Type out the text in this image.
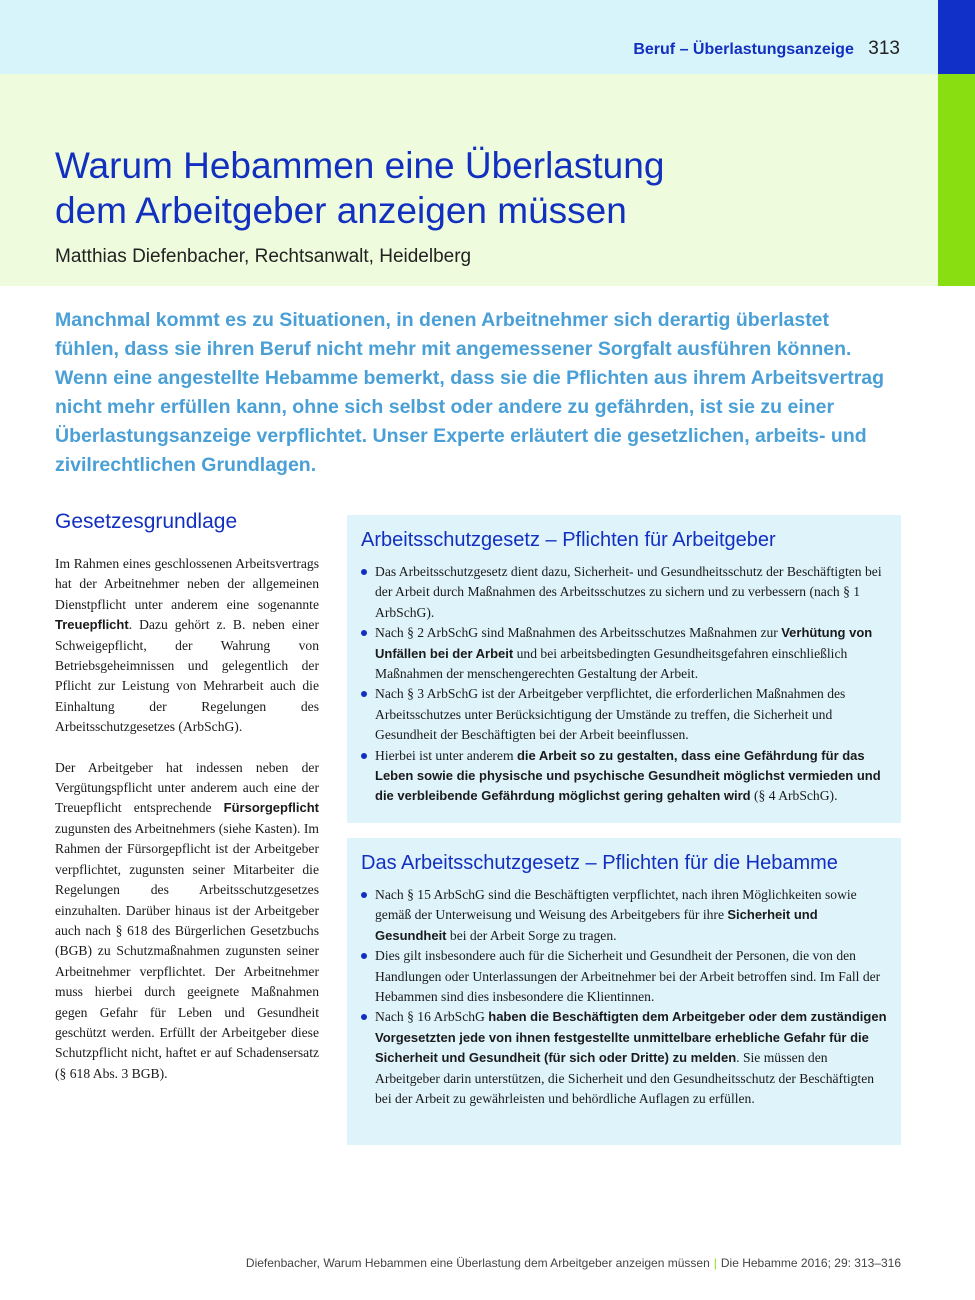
Beruf – Überlastungsanzeige 313
Warum Hebammen eine Überlastung
dem Arbeitgeber anzeigen müssen
Matthias Diefenbacher, Rechtsanwalt, Heidelberg

Manchmal kommt es zu Situationen, in denen Arbeitnehmer sich derartig überlastet fühlen, dass sie ihren Beruf nicht mehr mit angemessener Sorgfalt ausführen können. Wenn eine angestellte Hebamme bemerkt, dass sie die Pflichten aus ihrem Arbeitsvertrag nicht mehr erfüllen kann, ohne sich selbst oder andere zu gefährden, ist sie zu einer Überlastungsanzeige verpflichtet. Unser Experte erläutert die gesetzlichen, arbeits- und zivilrechtlichen Grundlagen.

Gesetzesgrundlage

Im Rahmen eines geschlossenen Arbeitsvertrags hat der Arbeitnehmer neben der allgemeinen Dienstpflicht unter anderem eine sogenannte Treuepflicht. Dazu gehört z. B. neben einer Schweigepflicht, der Wahrung von Betriebsgeheimnissen und gelegentlich der Pflicht zur Leistung von Mehrarbeit auch die Einhaltung der Regelungen des Arbeitsschutzgesetzes (ArbSchG).

Der Arbeitgeber hat indessen neben der Vergütungspflicht unter anderem auch eine der Treuepflicht entsprechende Fürsorgepflicht zugunsten des Arbeitnehmers (siehe Kasten). Im Rahmen der Fürsorgepflicht ist der Arbeitgeber verpflichtet, zugunsten seiner Mitarbeiter die Regelungen des Arbeitsschutzgesetzes einzuhalten. Darüber hinaus ist der Arbeitgeber auch nach § 618 des Bürgerlichen Gesetzbuchs (BGB) zu Schutzmaßnahmen zugunsten seiner Arbeitnehmer verpflichtet. Der Arbeitnehmer muss hierbei durch geeignete Maßnahmen gegen Gefahr für Leben und Gesundheit geschützt werden. Erfüllt der Arbeitgeber diese Schutzpflicht nicht, haftet er auf Schadensersatz (§ 618 Abs. 3 BGB).

Arbeitsschutzgesetz – Pflichten für Arbeitgeber
Das Arbeitsschutzgesetz dient dazu, Sicherheit- und Gesundheitsschutz der Beschäftigten bei der Arbeit durch Maßnahmen des Arbeitsschutzes zu sichern und zu verbessern (nach § 1 ArbSchG).
Nach § 2 ArbSchG sind Maßnahmen des Arbeitsschutzes Maßnahmen zur Verhütung von Unfällen bei der Arbeit und bei arbeitsbedingten Gesundheitsgefahren einschließlich Maßnahmen der menschengerechten Gestaltung der Arbeit.
Nach § 3 ArbSchG ist der Arbeitgeber verpflichtet, die erforderlichen Maßnahmen des Arbeitsschutzes unter Berücksichtigung der Umstände zu treffen, die Sicherheit und Gesundheit der Beschäftigten bei der Arbeit beeinflussen.
Hierbei ist unter anderem die Arbeit so zu gestalten, dass eine Gefährdung für das Leben sowie die physische und psychische Gesundheit möglichst vermieden und die verbleibende Gefährdung möglichst gering gehalten wird (§ 4 ArbSchG).
Das Arbeitsschutzgesetz – Pflichten für die Hebamme
Nach § 15 ArbSchG sind die Beschäftigten verpflichtet, nach ihren Möglichkeiten sowie gemäß der Unterweisung und Weisung des Arbeitgebers für ihre Sicherheit und Gesundheit bei der Arbeit Sorge zu tragen.
Dies gilt insbesondere auch für die Sicherheit und Gesundheit der Personen, die von den Handlungen oder Unterlassungen der Arbeitnehmer bei der Arbeit betroffen sind. Im Fall der Hebammen sind dies insbesondere die Klientinnen.
Nach § 16 ArbSchG haben die Beschäftigten dem Arbeitgeber oder dem zuständigen Vorgesetzten jede von ihnen festgestellte unmittelbare erhebliche Gefahr für die Sicherheit und Gesundheit (für sich oder Dritte) zu melden. Sie müssen den Arbeitgeber darin unterstützen, die Sicherheit und den Gesundheitsschutz der Beschäftigten bei der Arbeit zu gewährleisten und behördliche Auflagen zu erfüllen.
Diefenbacher, Warum Hebammen eine Überlastung dem Arbeitgeber anzeigen müssen | Die Hebamme 2016; 29: 313–316
